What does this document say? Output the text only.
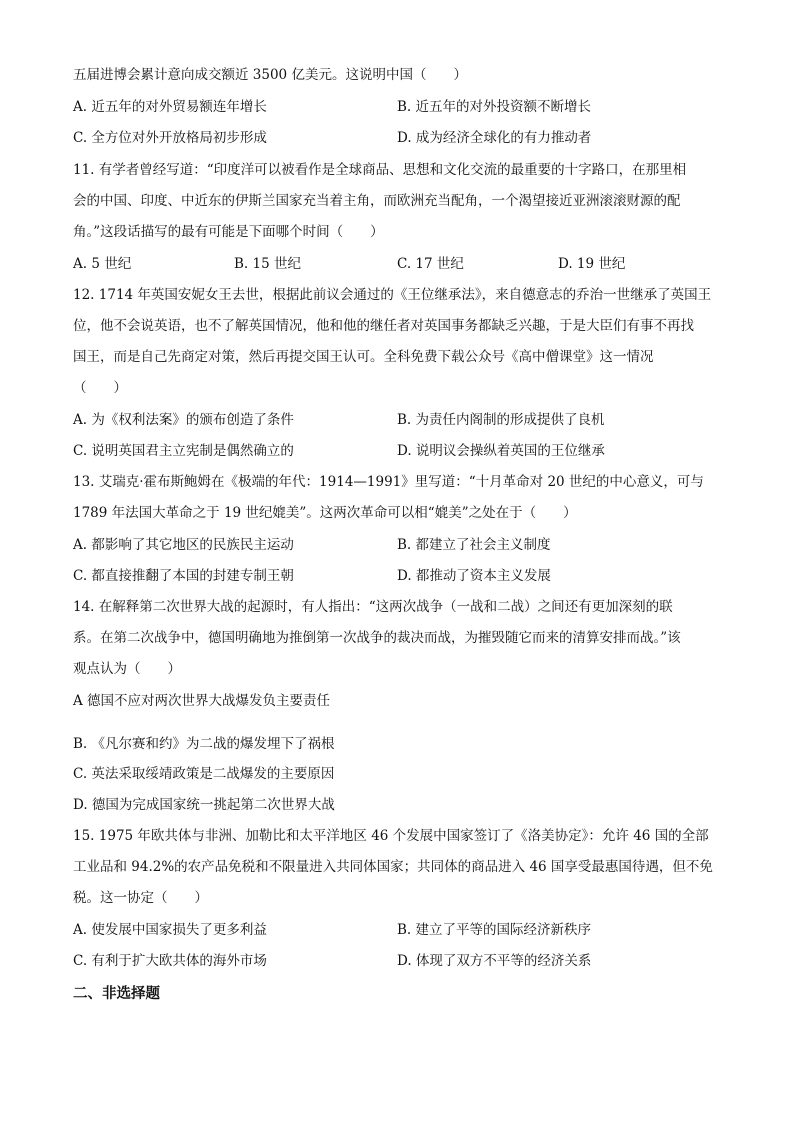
五届进博会累计意向成交额近 3500 亿美元。这说明中国（　　）
A. 近五年的对外贸易额连年增长	B. 近五年的对外投资额不断增长
C. 全方位对外开放格局初步形成	D. 成为经济全球化的有力推动者
11. 有学者曾经写道：“印度洋可以被看作是全球商品、思想和文化交流的最重要的十字路口，在那里相
会的中国、印度、中近东的伊斯兰国家充当着主角，而欧洲充当配角，一个渴望接近亚洲滚滚财源的配
角。”这段话描写的最有可能是下面哪个时间（　　）
A. 5 世纪	B. 15 世纪	C. 17 世纪	D. 19 世纪
12. 1714 年英国安妮女王去世，根据此前议会通过的《王位继承法》，来自德意志的乔治一世继承了英国王
位，他不会说英语，也不了解英国情况，他和他的继任者对英国事务都缺乏兴趣，于是大臣们有事不再找
国王，而是自己先商定对策，然后再提交国王认可。全科免费下载公众号《高中僧课堂》这一情况
（　　）
A. 为《权利法案》的颁布创造了条件	B. 为责任内阁制的形成提供了良机
C. 说明英国君主立宪制是偶然确立的	D. 说明议会操纵着英国的王位继承
13. 艾瑞克·霍布斯鲍姆在《极端的年代：1914—1991》里写道：“十月革命对 20 世纪的中心意义，可与
1789 年法国大革命之于 19 世纪媲美”。这两次革命可以相“媲美”之处在于（　　）
A. 都影响了其它地区的民族民主运动	B. 都建立了社会主义制度
C. 都直接推翻了本国的封建专制王朝	D. 都推动了资本主义发展
14. 在解释第二次世界大战的起源时，有人指出：“这两次战争（一战和二战）之间还有更加深刻的联
系。在第二次战争中，德国明确地为推倒第一次战争的裁决而战，为摧毁随它而来的清算安排而战。”该
观点认为（　　）
A 德国不应对两次世界大战爆发负主要责任
B. 《凡尔赛和约》为二战的爆发埋下了祸根
C. 英法采取绥靖政策是二战爆发的主要原因
D. 德国为完成国家统一挑起第二次世界大战
15. 1975 年欧共体与非洲、加勒比和太平洋地区 46 个发展中国家签订了《洛美协定》：允许 46 国的全部
工业品和 94.2%的农产品免税和不限量进入共同体国家；共同体的商品进入 46 国享受最惠国待遇，但不免
税。这一协定（　　）
A. 使发展中国家损失了更多利益	B. 建立了平等的国际经济新秩序
C. 有利于扩大欧共体的海外市场	D. 体现了双方不平等的经济关系
二、非选择题
